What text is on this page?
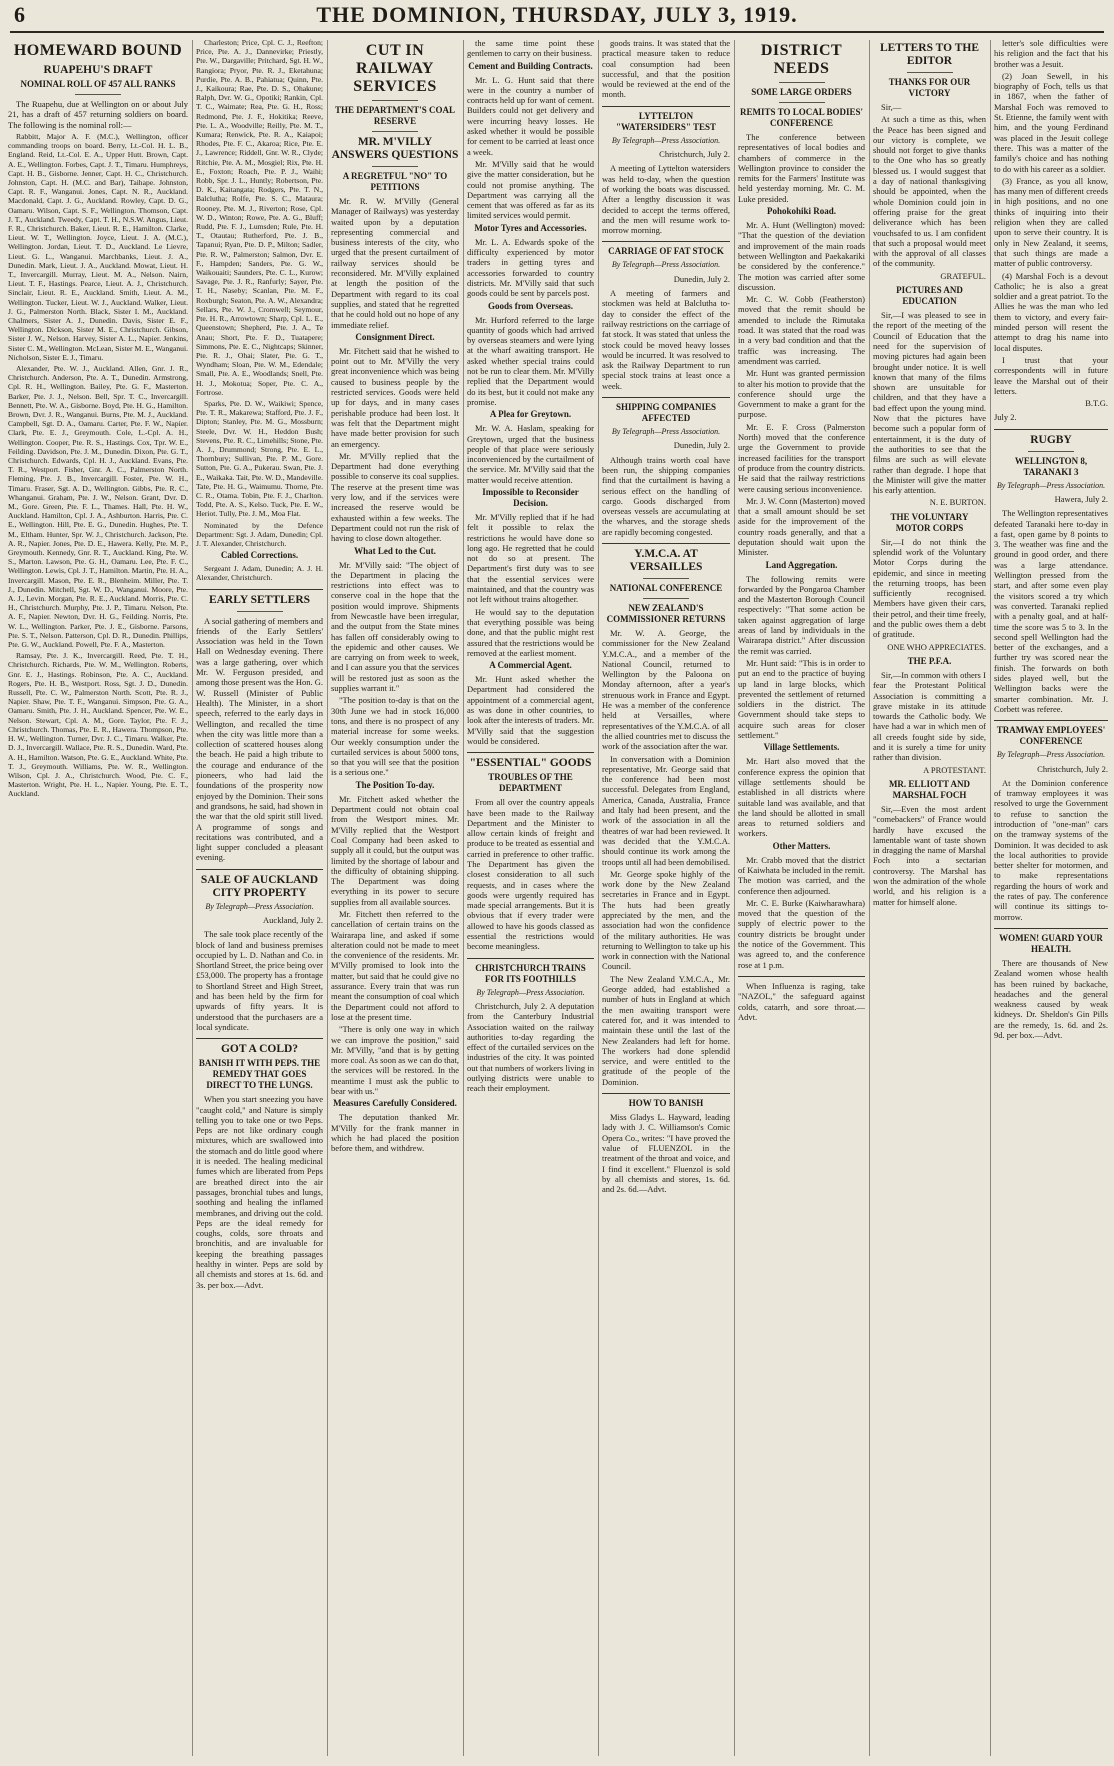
6	THE DOMINION, THURSDAY, JULY 3, 1919.
HOMEWARD BOUND
RUAPEHU'S DRAFT
NOMINAL ROLL OF 457 ALL RANKS

The Ruapehu, due at Wellington on or about July 21, has a draft of 457 returning soldiers on board. The following is the nominal roll:—

Rabbitt, Major A. F. (M.C.), Wellington, officer commanding troops on board. Berry, Lt.-Col. H. L. B., England. Reid, Lt.-Col. E. A., Upper Hutt. Brown, Capt. A. E., Wellington. Forbes, Capt. J. T., Timaru. Humphreys, Capt. H. B., Gisborne. Jenner, Capt. H. C., Christchurch. Johnston, Capt. H. (M.C. and Bar), Taihape. Johnston, Capt. R. F., Wanganui. Jones, Capt. N. R., Auckland. Macdonald, Capt. J. G., Auckland. Rowley, Capt. D. G., Oamaru. Wilson, Capt. S. F., Wellington. Thomson, Capt. J. T., Auckland. Tweedy, Capt. T. H., N.S.W. Angus, Lieut. F. R., Christchurch. Baker, Lieut. R. E., Hamilton. Clarke, Lieut. W. T., Wellington. Joyce, Lieut. J. A. (M.C.), Wellington. Jordan, Lieut. T. D., Auckland. Le Lievre, Lieut. G. L., Wanganui. Marchbanks, Lieut. J. A., Dunedin. Mark, Lieut. J. A., Auckland. Mowat, Lieut. H. T., Invercargill. Murray, Lieut. M. A., Nelson. Nairn, Lieut. T. F., Hastings. Pearce, Lieut. A. J., Christchurch. Sinclair, Lieut. R. E., Auckland. Smith, Lieut. A. M., Wellington. Tucker, Lieut. W. J., Auckland. Walker, Lieut. J. G., Palmerston North. Black, Sister I. M., Auckland. Chalmers, Sister A. J., Dunedin. Davis, Sister E. F., Wellington. Dickson, Sister M. E., Christchurch. Gibson, Sister J. W., Nelson. Harvey, Sister A. L., Napier. Jenkins, Sister C. M., Wellington. McLean, Sister M. E., Wanganui. Nicholson, Sister E. J., Timaru.

Alexander, Pte. W. J., Auckland. Allen, Gnr. J. R., Christchurch. Anderson, Pte. A. T., Dunedin. Armstrong, Cpl. R. H., Wellington. Bailey, Pte. G. F., Masterton. Barker, Pte. J. J., Nelson. Bell, Spr. T. C., Invercargill. Bennett, Pte. W. A., Gisborne. Boyd, Pte. H. G., Hamilton. Brown, Dvr. J. R., Wanganui. Burns, Pte. M. J., Auckland. Campbell, Sgt. D. A., Oamaru. Carter, Pte. F. W., Napier. Clark, Pte. E. J., Greymouth. Cole, L.-Cpl. A. H., Wellington. Cooper, Pte. R. S., Hastings. Cox, Tpr. W. E., Feilding. Davidson, Pte. J. M., Dunedin. Dixon, Pte. G. T., Christchurch. Edwards, Cpl. H. J., Auckland. Evans, Pte. T. R., Westport. Fisher, Gnr. A. C., Palmerston North. Fleming, Pte. J. B., Invercargill. Foster, Pte. W. H., Timaru. Fraser, Sgt. A. D., Wellington. Gibbs, Pte. R. C., Whanganui. Graham, Pte. J. W., Nelson. Grant, Dvr. D. M., Gore. Green, Pte. F. L., Thames. Hall, Pte. H. W., Auckland. Hamilton, Cpl. J. A., Ashburton. Harris, Pte. C. E., Wellington. Hill, Pte. E. G., Dunedin. Hughes, Pte. T. M., Eltham. Hunter, Spr. W. J., Christchurch. Jackson, Pte. A. R., Napier. Jones, Pte. D. E., Hawera. Kelly, Pte. M. P., Greymouth. Kennedy, Gnr. R. T., Auckland. King, Pte. W. S., Marton. Lawson, Pte. G. H., Oamaru. Lee, Pte. F. C., Wellington. Lewis, Cpl. J. T., Hamilton. Martin, Pte. H. A., Invercargill. Mason, Pte. E. R., Blenheim. Miller, Pte. T. J., Dunedin. Mitchell, Sgt. W. D., Wanganui. Moore, Pte. A. J., Levin. Morgan, Pte. R. E., Auckland. Morris, Pte. C. H., Christchurch. Murphy, Pte. J. P., Timaru. Nelson, Pte. A. F., Napier. Newton, Dvr. H. G., Feilding. Norris, Pte. W. L., Wellington. Parker, Pte. J. E., Gisborne. Parsons, Pte. S. T., Nelson. Patterson, Cpl. D. R., Dunedin. Phillips, Pte. G. W., Auckland. Powell, Pte. F. A., Masterton.

Ramsay, Pte. J. K., Invercargill. Reed, Pte. T. H., Christchurch. Richards, Pte. W. M., Wellington. Roberts, Gnr. E. J., Hastings. Robinson, Pte. A. C., Auckland. Rogers, Pte. H. B., Westport. Ross, Sgt. J. D., Dunedin. Russell, Pte. C. W., Palmerston North. Scott, Pte. R. J., Napier. Shaw, Pte. T. F., Wanganui. Simpson, Pte. G. A., Oamaru. Smith, Pte. J. H., Auckland. Spencer, Pte. W. E., Nelson. Stewart, Cpl. A. M., Gore. Taylor, Pte. F. J., Christchurch. Thomas, Pte. E. R., Hawera. Thompson, Pte. H. W., Wellington. Turner, Dvr. J. C., Timaru. Walker, Pte. D. J., Invercargill. Wallace, Pte. R. S., Dunedin. Ward, Pte. A. H., Hamilton. Watson, Pte. G. E., Auckland. White, Pte. T. J., Greymouth. Williams, Pte. W. R., Wellington. Wilson, Cpl. J. A., Christchurch. Wood, Pte. C. F., Masterton. Wright, Pte. H. L., Napier. Young, Pte. E. T., Auckland.

Charleston; Price, Cpl. C. J., Reefton; Price, Pte. A. J., Dannevirke; Priestly, Pte. W., Dargaville; Pritchard, Sgt. H. W., Rangiora; Pryor, Pte. R. J., Eketahuna; Purdie, Pte. A. B., Pahiatua; Quinn, Pte. J., Kaikoura; Rae, Pte. D. S., Ohakune; Ralph, Dvr. W. G., Opotiki; Rankin, Cpl. T. C., Waimate; Rea, Pte. G. H., Ross; Redmond, Pte. J. F., Hokitika; Reeve, Pte. L. A., Woodville; Reilly, Pte. M. T., Kumara; Renwick, Pte. R. A., Kaiapoi; Rhodes, Pte. F. C., Akaroa; Rice, Pte. E. J., Lawrence; Riddell, Gnr. W. R., Clyde; Ritchie, Pte. A. M., Mosgiel; Rix, Pte. H. E., Foxton; Roach, Pte. P. J., Waihi; Robb, Spr. J. L., Huntly; Robertson, Pte. D. K., Kaitangata; Rodgers, Pte. T. N., Balclutha; Rolfe, Pte. S. C., Mataura; Rooney, Pte. M. J., Riverton; Rose, Cpl. W. D., Winton; Rowe, Pte. A. G., Bluff; Rudd, Pte. F. J., Lumsden; Rule, Pte. H. T., Otautau; Rutherford, Pte. J. B., Tapanui; Ryan, Pte. D. P., Milton; Sadler, Pte. R. W., Palmerston; Salmon, Dvr. E. F., Hampden; Sanders, Pte. G. W., Waikouaiti; Saunders, Pte. C. L., Kurow; Savage, Pte. J. R., Ranfurly; Sayer, Pte. T. H., Naseby; Scanlan, Pte. M. F., Roxburgh; Seaton, Pte. A. W., Alexandra; Sellars, Pte. W. J., Cromwell; Seymour, Pte. H. R., Arrowtown; Sharp, Cpl. L. E., Queenstown; Shepherd, Pte. J. A., Te Anau; Short, Pte. F. D., Tuatapere; Simmons, Pte. E. C., Nightcaps; Skinner, Pte. R. J., Ohai; Slater, Pte. G. T., Wyndham; Sloan, Pte. W. M., Edendale; Small, Pte. A. E., Woodlands; Snell, Pte. H. J., Mokotua; Soper, Pte. C. A., Fortrose.

Sparks, Pte. D. W., Waikiwi; Spence, Pte. T. R., Makarewa; Stafford, Pte. J. F., Dipton; Stanley, Pte. M. G., Mossburn; Steele, Dvr. W. H., Heddon Bush; Stevens, Pte. R. C., Limehills; Stone, Pte. A. J., Drummond; Strong, Pte. E. L., Thornbury; Sullivan, Pte. P. M., Gore. Sutton, Pte. G. A., Pukerau. Swan, Pte. J. E., Waikaka. Tait, Pte. W. D., Mandeville. Tate, Pte. H. G., Waimumu. Thorne, Pte. C. R., Otama. Tobin, Pte. F. J., Charlton. Todd, Pte. A. S., Kelso. Tuck, Pte. E. W., Heriot. Tully, Pte. J. M., Moa Flat.

Nominated by the Defence Department: Sgt. J. Adam, Dunedin; Cpl. J. T. Alexander, Christchurch.

Cabled Corrections.

Sergeant J. Adam, Dunedin; A. J. H. Alexander, Christchurch.

EARLY SETTLERS

A social gathering of members and friends of the Early Settlers' Association was held in the Town Hall on Wednesday evening. There was a large gathering, over which Mr. W. Ferguson presided, and among those present was the Hon. G. W. Russell (Minister of Public Health). The Minister, in a short speech, referred to the early days in Wellington, and recalled the time when the city was little more than a collection of scattered houses along the beach. He paid a high tribute to the courage and endurance of the pioneers, who had laid the foundations of the prosperity now enjoyed by the Dominion. Their sons and grandsons, he said, had shown in the war that the old spirit still lived. A programme of songs and recitations was contributed, and a light supper concluded a pleasant evening.

SALE OF AUCKLAND CITY PROPERTY
By Telegraph—Press Association.
Auckland, July 2.

The sale took place recently of the block of land and business premises occupied by L. D. Nathan and Co. in Shortland Street, the price being over £53,000. The property has a frontage to Shortland Street and High Street, and has been held by the firm for upwards of fifty years. It is understood that the purchasers are a local syndicate.

GOT A COLD?
BANISH IT WITH PEPS. THE REMEDY THAT GOES DIRECT TO THE LUNGS.

When you start sneezing you have "caught cold," and Nature is simply telling you to take one or two Peps. Peps are not like ordinary cough mixtures, which are swallowed into the stomach and do little good where it is needed. The healing medicinal fumes which are liberated from Peps are breathed direct into the air passages, bronchial tubes and lungs, soothing and healing the inflamed membranes, and driving out the cold. Peps are the ideal remedy for coughs, colds, sore throats and bronchitis, and are invaluable for keeping the breathing passages healthy in winter. Peps are sold by all chemists and stores at 1s. 6d. and 3s. per box.—Advt.

CUT IN RAILWAY SERVICES
THE DEPARTMENT'S COAL RESERVE
MR. M'VILLY ANSWERS QUESTIONS
A REGRETFUL "NO" TO PETITIONS

Mr. R. W. M'Villy (General Manager of Railways) was yesterday waited upon by a deputation representing commercial and business interests of the city, who urged that the present curtailment of railway services should be reconsidered. Mr. M'Villy explained at length the position of the Department with regard to its coal supplies, and stated that he regretted that he could hold out no hope of any immediate relief.

Consignment Direct.

Mr. Fitchett said that he wished to point out to Mr. M'Villy the very great inconvenience which was being caused to business people by the restricted services. Goods were held up for days, and in many cases perishable produce had been lost. It was felt that the Department might have made better provision for such an emergency.

Mr. M'Villy replied that the Department had done everything possible to conserve its coal supplies. The reserve at the present time was very low, and if the services were increased the reserve would be exhausted within a few weeks. The Department could not run the risk of having to close down altogether.

What Led to the Cut.

Mr. M'Villy said: "The object of the Department in placing the restrictions into effect was to conserve coal in the hope that the position would improve. Shipments from Newcastle have been irregular, and the output from the State mines has fallen off considerably owing to the epidemic and other causes. We are carrying on from week to week, and I can assure you that the services will be restored just as soon as the supplies warrant it."

"The position to-day is that on the 30th June we had in stock 16,000 tons, and there is no prospect of any material increase for some weeks. Our weekly consumption under the curtailed services is about 5000 tons, so that you will see that the position is a serious one."

The Position To-day.

Mr. Fitchett asked whether the Department could not obtain coal from the Westport mines. Mr. M'Villy replied that the Westport Coal Company had been asked to supply all it could, but the output was limited by the shortage of labour and the difficulty of obtaining shipping. The Department was doing everything in its power to secure supplies from all available sources.

Mr. Fitchett then referred to the cancellation of certain trains on the Wairarapa line, and asked if some alteration could not be made to meet the convenience of the residents. Mr. M'Villy promised to look into the matter, but said that he could give no assurance. Every train that was run meant the consumption of coal which the Department could not afford to lose at the present time.

"There is only one way in which we can improve the position," said Mr. M'Villy, "and that is by getting more coal. As soon as we can do that, the services will be restored. In the meantime I must ask the public to bear with us."

Measures Carefully Considered.

The deputation thanked Mr. M'Villy for the frank manner in which he had placed the position before them, and withdrew.

the same time point these gentlemen to carry on their business.

Cement and Building Contracts.

Mr. L. G. Hunt said that there were in the country a number of contracts held up for want of cement. Builders could not get delivery and were incurring heavy losses. He asked whether it would be possible for cement to be carried at least once a week.

Mr. M'Villy said that he would give the matter consideration, but he could not promise anything. The Department was carrying all the cement that was offered as far as its limited services would permit.

Motor Tyres and Accessories.

Mr. L. A. Edwards spoke of the difficulty experienced by motor traders in getting tyres and accessories forwarded to country districts. Mr. M'Villy said that such goods could be sent by parcels post.

Goods from Overseas.

Mr. Hurford referred to the large quantity of goods which had arrived by overseas steamers and were lying at the wharf awaiting transport. He asked whether special trains could not be run to clear them. Mr. M'Villy replied that the Department would do its best, but it could not make any promise.

A Plea for Greytown.

Mr. W. A. Haslam, speaking for Greytown, urged that the business people of that place were seriously inconvenienced by the curtailment of the service. Mr. M'Villy said that the matter would receive attention.

Impossible to Reconsider Decision.

Mr. M'Villy replied that if he had felt it possible to relax the restrictions he would have done so long ago. He regretted that he could not do so at present. The Department's first duty was to see that the essential services were maintained, and that the country was not left without trains altogether.

He would say to the deputation that everything possible was being done, and that the public might rest assured that the restrictions would be removed at the earliest moment.

A Commercial Agent.

Mr. Hunt asked whether the Department had considered the appointment of a commercial agent, as was done in other countries, to look after the interests of traders. Mr. M'Villy said that the suggestion would be considered.

"ESSENTIAL" GOODS
TROUBLES OF THE DEPARTMENT

From all over the country appeals have been made to the Railway Department and the Minister to allow certain kinds of freight and produce to be treated as essential and carried in preference to other traffic. The Department has given the closest consideration to all such requests, and in cases where the goods were urgently required has made special arrangements. But it is obvious that if every trader were allowed to have his goods classed as essential the restrictions would become meaningless.

CHRISTCHURCH TRAINS FOR ITS FOOTHILLS
By Telegraph—Press Association.

Christchurch, July 2. A deputation from the Canterbury Industrial Association waited on the railway authorities to-day regarding the effect of the curtailed services on the industries of the city. It was pointed out that numbers of workers living in outlying districts were unable to reach their employment.

goods trains. It was stated that the practical measure taken to reduce coal consumption had been successful, and that the position would be reviewed at the end of the month.

LYTTELTON "WATERSIDERS" TEST
By Telegraph—Press Association.
Christchurch, July 2.

A meeting of Lyttelton watersiders was held to-day, when the question of working the boats was discussed. After a lengthy discussion it was decided to accept the terms offered, and the men will resume work to-morrow morning.

CARRIAGE OF FAT STOCK
By Telegraph—Press Association.
Dunedin, July 2.

A meeting of farmers and stockmen was held at Balclutha to-day to consider the effect of the railway restrictions on the carriage of fat stock. It was stated that unless the stock could be moved heavy losses would be incurred. It was resolved to ask the Railway Department to run special stock trains at least once a week.

SHIPPING COMPANIES AFFECTED
By Telegraph—Press Association.
Dunedin, July 2.

Although trains worth coal have been run, the shipping companies find that the curtailment is having a serious effect on the handling of cargo. Goods discharged from overseas vessels are accumulating at the wharves, and the storage sheds are rapidly becoming congested.

Y.M.C.A. AT VERSAILLES
NATIONAL CONFERENCE
NEW ZEALAND'S COMMISSIONER RETURNS

Mr. W. A. George, the commissioner for the New Zealand Y.M.C.A., and a member of the National Council, returned to Wellington by the Paloona on Monday afternoon, after a year's strenuous work in France and Egypt. He was a member of the conference held at Versailles, where representatives of the Y.M.C.A. of all the allied countries met to discuss the work of the association after the war.

In conversation with a Dominion representative, Mr. George said that the conference had been most successful. Delegates from England, America, Canada, Australia, France and Italy had been present, and the work of the association in all the theatres of war had been reviewed. It was decided that the Y.M.C.A. should continue its work among the troops until all had been demobilised.

Mr. George spoke highly of the work done by the New Zealand secretaries in France and in Egypt. The huts had been greatly appreciated by the men, and the association had won the confidence of the military authorities. He was returning to Wellington to take up his work in connection with the National Council.

The New Zealand Y.M.C.A., Mr. George added, had established a number of huts in England at which the men awaiting transport were catered for, and it was intended to maintain these until the last of the New Zealanders had left for home. The workers had done splendid service, and were entitled to the gratitude of the people of the Dominion.

HOW TO BANISH

Miss Gladys L. Hayward, leading lady with J. C. Williamson's Comic Opera Co., writes: "I have proved the value of FLUENZOL in the treatment of the throat and voice, and I find it excellent." Fluenzol is sold by all chemists and stores, 1s. 6d. and 2s. 6d.—Advt.

DISTRICT NEEDS
SOME LARGE ORDERS
REMITS TO LOCAL BODIES' CONFERENCE

The conference between representatives of local bodies and chambers of commerce in the Wellington province to consider the remits for the Farmers' Institute was held yesterday morning. Mr. C. M. Luke presided.

Pohokohiki Road.

Mr. A. Hunt (Wellington) moved: "That the question of the deviation and improvement of the main roads between Wellington and Paekakariki be considered by the conference." The motion was carried after some discussion.

Mr. C. W. Cobb (Featherston) moved that the remit should be amended to include the Rimutaka road. It was stated that the road was in a very bad condition and that the traffic was increasing. The amendment was carried.

Mr. Hunt was granted permission to alter his motion to provide that the conference should urge the Government to make a grant for the purpose.

Mr. E. F. Cross (Palmerston North) moved that the conference urge the Government to provide increased facilities for the transport of produce from the country districts. He said that the railway restrictions were causing serious inconvenience.

Mr. J. W. Conn (Masterton) moved that a small amount should be set aside for the improvement of the country roads generally, and that a deputation should wait upon the Minister.

Land Aggregation.

The following remits were forwarded by the Pongaroa Chamber and the Masterton Borough Council respectively: "That some action be taken against aggregation of large areas of land by individuals in the Wairarapa district." After discussion the remit was carried.

Mr. Hunt said: "This is in order to put an end to the practice of buying up land in large blocks, which prevented the settlement of returned soldiers in the district. The Government should take steps to acquire such areas for closer settlement."

Village Settlements.

Mr. Hart also moved that the conference express the opinion that village settlements should be established in all districts where suitable land was available, and that the land should be allotted in small areas to returned soldiers and workers.

Other Matters.

Mr. Crabb moved that the district of Kaiwhata be included in the remit. The motion was carried, and the conference then adjourned.

Mr. C. E. Burke (Kaiwharawhara) moved that the question of the supply of electric power to the country districts be brought under the notice of the Government. This was agreed to, and the conference rose at 1 p.m.

When Influenza is raging, take "NAZOL," the safeguard against colds, catarrh, and sore throat.—Advt.

LETTERS TO THE EDITOR
THANKS FOR OUR VICTORY

Sir,—

At such a time as this, when the Peace has been signed and our victory is complete, we should not forget to give thanks to the One who has so greatly blessed us. I would suggest that a day of national thanksgiving should be appointed, when the whole Dominion could join in offering praise for the great deliverance which has been vouchsafed to us. I am confident that such a proposal would meet with the approval of all classes of the community.

GRATEFUL.
PICTURES AND EDUCATION

Sir,—I was pleased to see in the report of the meeting of the Council of Education that the need for the supervision of moving pictures had again been brought under notice. It is well known that many of the films shown are unsuitable for children, and that they have a bad effect upon the young mind. Now that the pictures have become such a popular form of entertainment, it is the duty of the authorities to see that the films are such as will elevate rather than degrade. I hope that the Minister will give the matter his early attention.

N. E. BURTON.
THE VOLUNTARY MOTOR CORPS

Sir,—I do not think the splendid work of the Voluntary Motor Corps during the epidemic, and since in meeting the returning troops, has been sufficiently recognised. Members have given their cars, their petrol, and their time freely, and the public owes them a debt of gratitude.

ONE WHO APPRECIATES.
THE P.F.A.

Sir,—In common with others I fear the Protestant Political Association is committing a grave mistake in its attitude towards the Catholic body. We have had a war in which men of all creeds fought side by side, and it is surely a time for unity rather than division.

A PROTESTANT.
MR. ELLIOTT AND MARSHAL FOCH

Sir,—Even the most ardent "comebackers" of France would hardly have excused the lamentable want of taste shown in dragging the name of Marshal Foch into a sectarian controversy. The Marshal has won the admiration of the whole world, and his religion is a matter for himself alone.

letter's sole difficulties were his religion and the fact that his brother was a Jesuit.

(2) Joan Sewell, in his biography of Foch, tells us that in 1867, when the father of Marshal Foch was removed to St. Etienne, the family went with him, and the young Ferdinand was placed in the Jesuit college there. This was a matter of the family's choice and has nothing to do with his career as a soldier.

(3) France, as you all know, has many men of different creeds in high positions, and no one thinks of inquiring into their religion when they are called upon to serve their country. It is only in New Zealand, it seems, that such things are made a matter of public controversy.

(4) Marshal Foch is a devout Catholic; he is also a great soldier and a great patriot. To the Allies he was the man who led them to victory, and every fair-minded person will resent the attempt to drag his name into local disputes.

I trust that your correspondents will in future leave the Marshal out of their letters.

B.T.G.
July 2.
RUGBY
WELLINGTON 8, TARANAKI 3
By Telegraph—Press Association.
Hawera, July 2.

The Wellington representatives defeated Taranaki here to-day in a fast, open game by 8 points to 3. The weather was fine and the ground in good order, and there was a large attendance. Wellington pressed from the start, and after some even play the visitors scored a try which was converted. Taranaki replied with a penalty goal, and at half-time the score was 5 to 3. In the second spell Wellington had the better of the exchanges, and a further try was scored near the finish. The forwards on both sides played well, but the Wellington backs were the smarter combination. Mr. J. Corbett was referee.

TRAMWAY EMPLOYEES' CONFERENCE
By Telegraph—Press Association.
Christchurch, July 2.

At the Dominion conference of tramway employees it was resolved to urge the Government to refuse to sanction the introduction of "one-man" cars on the tramway systems of the Dominion. It was decided to ask the local authorities to provide better shelter for motormen, and to make representations regarding the hours of work and the rates of pay. The conference will continue its sittings to-morrow.

WOMEN! GUARD YOUR HEALTH.

There are thousands of New Zealand women whose health has been ruined by backache, headaches and the general weakness caused by weak kidneys. Dr. Sheldon's Gin Pills are the remedy, 1s. 6d. and 2s. 9d. per box.—Advt.
